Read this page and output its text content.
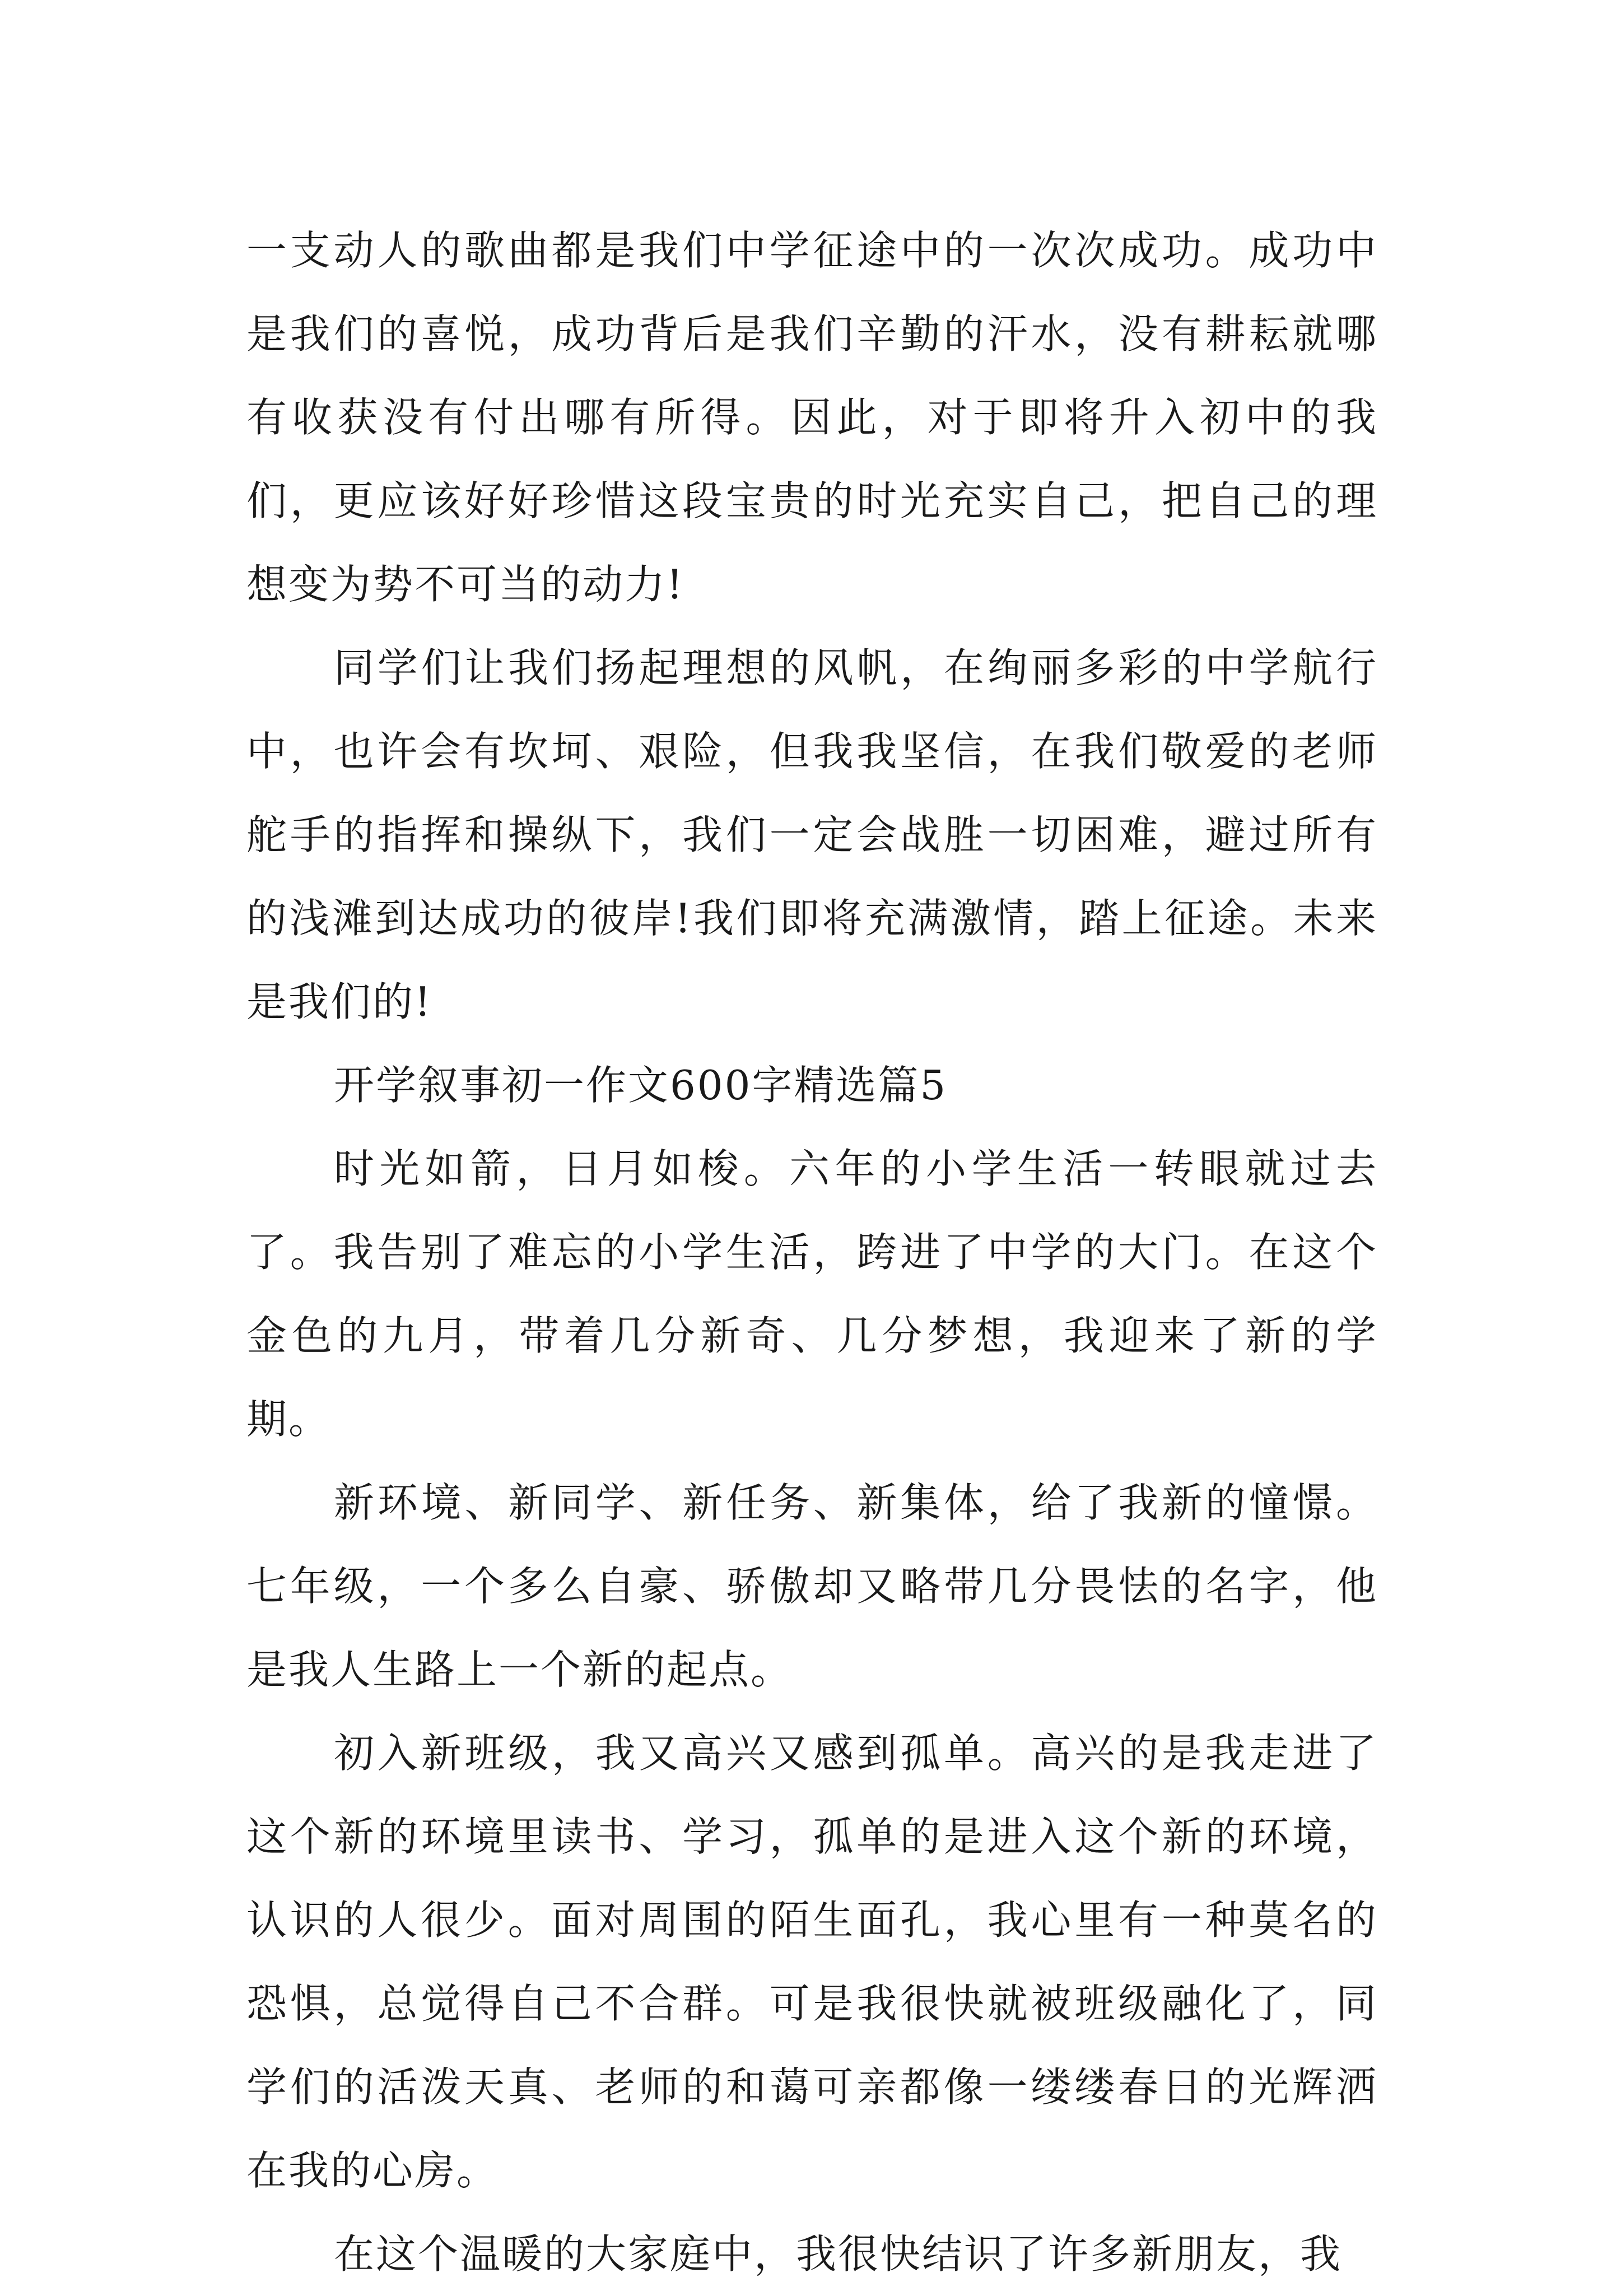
一支动人的歌曲都是我们中学征途中的一次次成功。成功中是我们的喜悦，成功背后是我们辛勤的汗水，没有耕耘就哪有收获没有付出哪有所得。因此，对于即将升入初中的我们，更应该好好珍惜这段宝贵的时光充实自己，把自己的理想变为势不可当的动力!

同学们让我们扬起理想的风帆，在绚丽多彩的中学航行中，也许会有坎坷、艰险，但我我坚信，在我们敬爱的老师舵手的指挥和操纵下，我们一定会战胜一切困难，避过所有的浅滩到达成功的彼岸!我们即将充满激情，踏上征途。未来是我们的!

开学叙事初一作文600字精选篇5

时光如箭，日月如梭。六年的小学生活一转眼就过去了。我告别了难忘的小学生活，跨进了中学的大门。在这个金色的九月，带着几分新奇、几分梦想，我迎来了新的学期。

新环境、新同学、新任务、新集体，给了我新的憧憬。七年级，一个多么自豪、骄傲却又略带几分畏怯的名字，他是我人生路上一个新的起点。

初入新班级，我又高兴又感到孤单。高兴的是我走进了这个新的环境里读书、学习，孤单的是进入这个新的环境，认识的人很少。面对周围的陌生面孔，我心里有一种莫名的恐惧，总觉得自己不合群。可是我很快就被班级融化了，同学们的活泼天真、老师的和蔼可亲都像一缕缕春日的光辉洒在我的心房。

在这个温暖的大家庭中，我很快结识了许多新朋友，我
